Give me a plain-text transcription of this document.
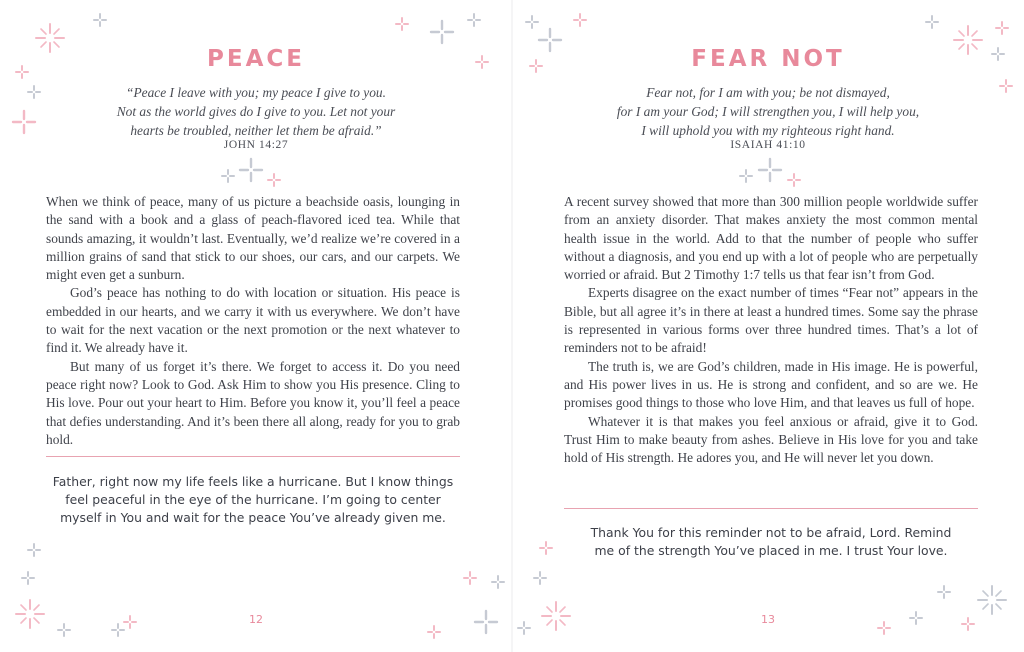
PEACE
“Peace I leave with you; my peace I give to you.
Not as the world gives do I give to you. Let not your
hearts be troubled, neither let them be afraid.”
JOHN 14:27

When we think of peace, many of us picture a beachside oasis, lounging in the sand with a book and a glass of peach-flavored iced tea. While that sounds amazing, it wouldn’t last. Eventually, we’d realize we’re covered in a million grains of sand that stick to our shoes, our cars, and our carpets. We might even get a sunburn.

God’s peace has nothing to do with location or situation. His peace is embedded in our hearts, and we carry it with us everywhere. We don’t have to wait for the next vacation or the next promotion or the next whatever to find it. We already have it.

But many of us forget it’s there. We forget to access it. Do you need peace right now? Look to God. Ask Him to show you His presence. Cling to His love. Pour out your heart to Him. Before you know it, you’ll feel a peace that defies understanding. And it’s been there all along, ready for you to grab hold.

Father, right now my life feels like a hurricane. But I know things
feel peaceful in the eye of the hurricane. I’m going to center
myself in You and wait for the peace You’ve already given me.
12
FEAR NOT
Fear not, for I am with you; be not dismayed,
for I am your God; I will strengthen you, I will help you,
I will uphold you with my righteous right hand.
ISAIAH 41:10

A recent survey showed that more than 300 million people worldwide suffer from an anxiety disorder. That makes anxiety the most common mental health issue in the world. Add to that the number of people who suffer without a diagnosis, and you end up with a lot of people who are perpetually worried or afraid. But 2 Timothy 1:7 tells us that fear isn’t from God.

Experts disagree on the exact number of times “Fear not” appears in the Bible, but all agree it’s in there at least a hundred times. Some say the phrase is represented in various forms over three hundred times. That’s a lot of reminders not to be afraid!

The truth is, we are God’s children, made in His image. He is powerful, and His power lives in us. He is strong and confident, and so are we. He promises good things to those who love Him, and that leaves us full of hope.

Whatever it is that makes you feel anxious or afraid, give it to God. Trust Him to make beauty from ashes. Believe in His love for you and take hold of His strength. He adores you, and He will never let you down.

Thank You for this reminder not to be afraid, Lord. Remind
me of the strength You’ve placed in me. I trust Your love.
13
